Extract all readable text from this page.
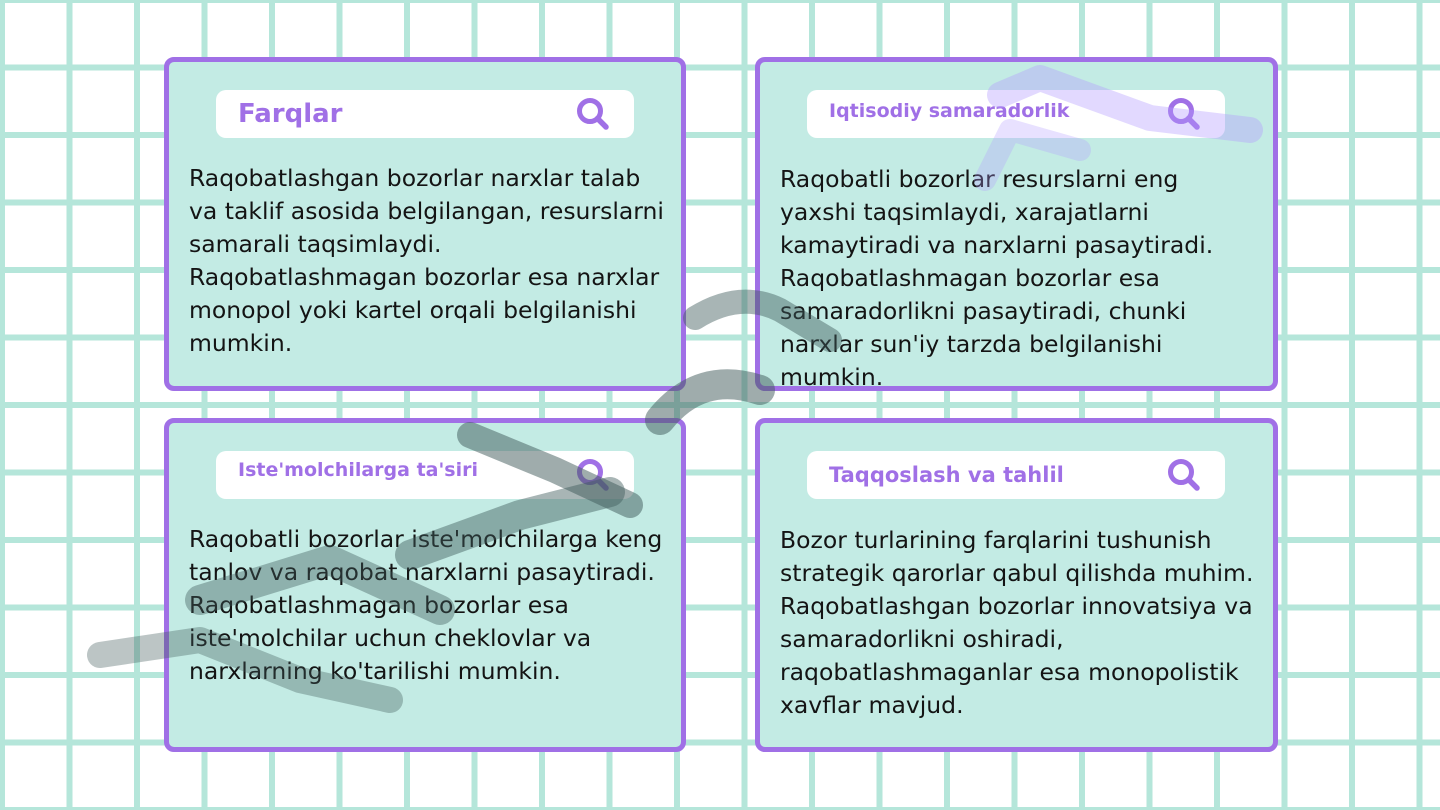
Farqlar

Raqobatlashgan bozorlar narxlar talab va taklif asosida belgilangan, resurslarni samarali taqsimlaydi. Raqobatlashmagan bozorlar esa narxlar monopol yoki kartel orqali belgilanishi mumkin.

Iqtisodiy samaradorlik

Raqobatli bozorlar resurslarni eng yaxshi taqsimlaydi, xarajatlarni kamaytiradi va narxlarni pasaytiradi. Raqobatlashmagan bozorlar esa samaradorlikni pasaytiradi, chunki narxlar sun'iy tarzda belgilanishi mumkin.

Iste'molchilarga ta'siri

Raqobatli bozorlar iste'molchilarga keng tanlov va raqobat narxlarni pasaytiradi. Raqobatlashmagan bozorlar esa iste'molchilar uchun cheklovlar va narxlarning ko'tarilishi mumkin.

Taqqoslash va tahlil

Bozor turlarining farqlarini tushunish strategik qarorlar qabul qilishda muhim. Raqobatlashgan bozorlar innovatsiya va samaradorlikni oshiradi, raqobatlashmaganlar esa monopolistik xavflar mavjud.
